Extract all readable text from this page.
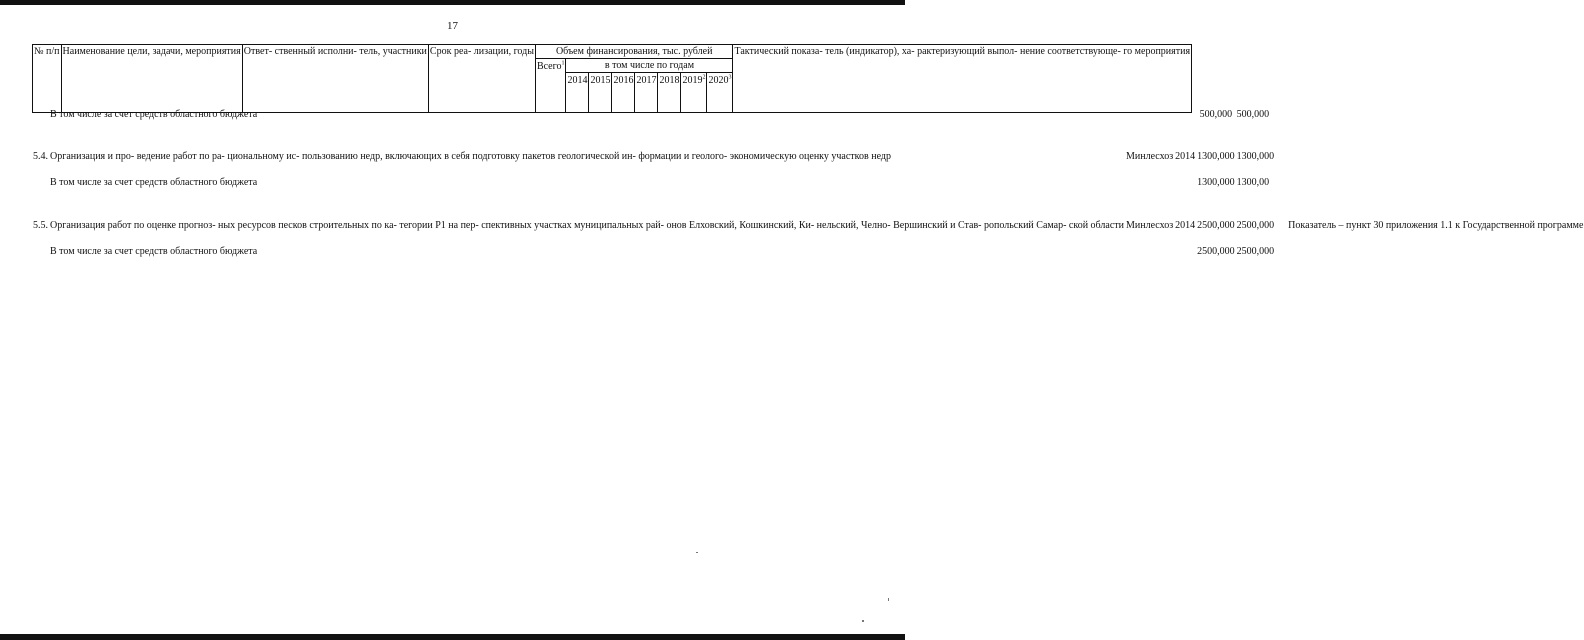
17
№ п/п	Наименование цели, задачи, мероприятия	Ответ- ственный исполни- тель, участники	Срок реа- лизации, годы	Объем финансирования, тыс. рублей								Тактический показа- тель (индикатор), ха- рактеризующий выпол- нение соответствующе- го мероприятия
				Всего$^1$	в том числе по годам							
					2014	2015	2016	2017	2018	2019$^2$	2020$^3$
	В том числе за счет средств областного бюджета			500,000	500,000							
5.4.	Организация и про- ведение работ по ра- циональному ис- пользованию недр, включающих в себя подготовку пакетов геологической ин- формации и геолого- экономическую оценку участков недр	Минлесхоз	2014	1300,000	1300,000							
	В том числе за счет средств областного бюджета			1300,000	1300,00							
5.5.	Организация работ по оценке прогноз- ных ресурсов песков строительных по ка- тегории Р1 на пер- спективных участках муниципальных рай- онов Елховский, Кошкинский, Ки- нельский, Челно- Вершинский и Став- ропольский Самар- ской области	Минлесхоз	2014	2500,000	2500,000							Показатель – пункт 30 приложения 1.1 к Государственной программе
	В том числе за счет средств областного бюджета			2500,000	2500,000							
